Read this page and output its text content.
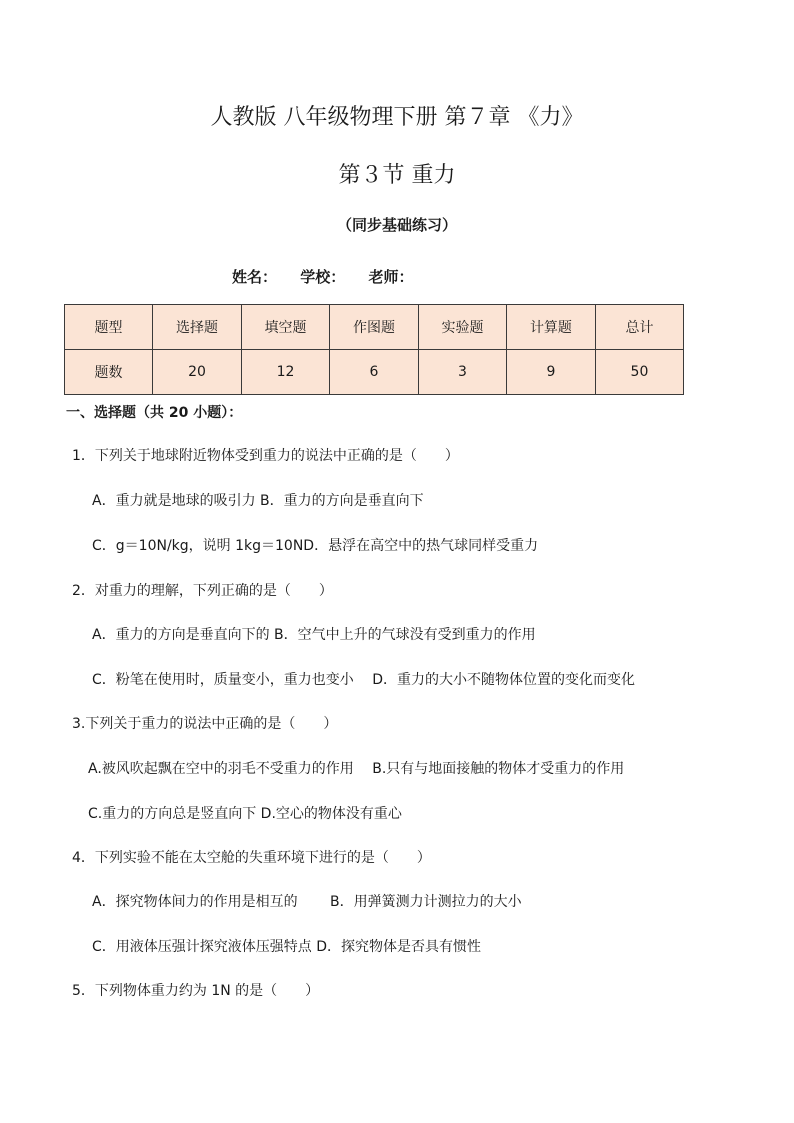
人教版 八年级物理下册 第７章 《力》
第３节 重力
（同步基础练习）
姓名： 学校： 老师：
题型	选择题	填空题	作图题	实验题	计算题	总计
题数	20	12	6	3	9	50
一、选择题（共 20 小题）：
1．下列关于地球附近物体受到重力的说法中正确的是（　　）
A．重力就是地球的吸引力 B．重力的方向是垂直向下
C．g＝10N/kg，说明 1kg＝10ND．悬浮在高空中的热气球同样受重力
2．对重力的理解，下列正确的是（　　）
A．重力的方向是垂直向下的 B．空气中上升的气球没有受到重力的作用
C．粉笔在使用时，质量变小，重力也变小　 D．重力的大小不随物体位置的变化而变化
3.下列关于重力的说法中正确的是（　　）
A.被风吹起飘在空中的羽毛不受重力的作用　 B.只有与地面接触的物体才受重力的作用
C.重力的方向总是竖直向下 D.空心的物体没有重心
4．下列实验不能在太空舱的失重环境下进行的是（　　）
A．探究物体间力的作用是相互的　　 B．用弹簧测力计测拉力的大小
C．用液体压强计探究液体压强特点 D．探究物体是否具有惯性
5．下列物体重力约为 1N 的是（　　）
